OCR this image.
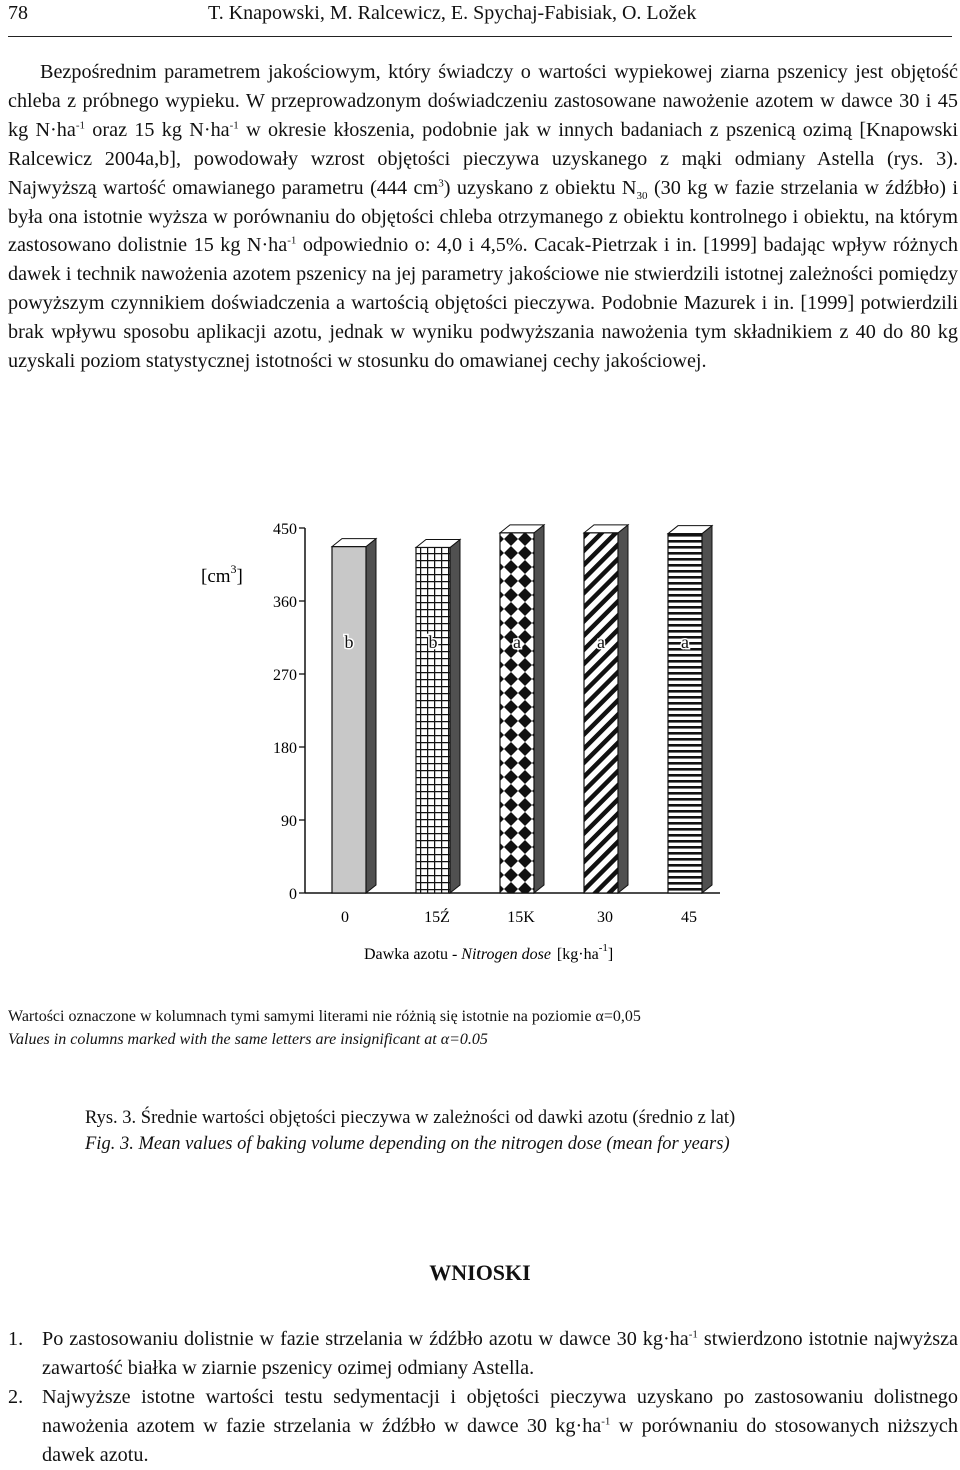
78	T. Knapowski, M. Ralcewicz, E. Spychaj-Fabisiak, O. Ložek

Bezpośrednim parametrem jakościowym, który świadczy o wartości wypiekowej ziarna pszenicy jest objętość chleba z próbnego wypieku. W przeprowadzonym doświadczeniu zastosowane nawożenie azotem w dawce 30 i 45 kg $N\cdot ha^{-1}$ oraz 15 kg $N\cdot ha^{-1}$ w okresie kłoszenia, podobnie jak w innych badaniach z pszenicą ozimą [Knapowski Ralcewicz 2004a,b], powodowały wzrost objętości pieczywa uzyskanego z mąki odmiany Astella (rys. 3). Najwyższą wartość omawianego parametru (444 $cm^3$) uzyskano z obiektu $N_{30}$ (30 kg w fazie strzelania w źdźbło) i była ona istotnie wyższa w porównaniu do objętości chleba otrzymanego z obiektu kontrolnego i obiektu, na którym zastosowano dolistnie 15 kg $N\cdot ha^{-1}$ odpowiednio o: 4,0 i 4,5%. Cacak-Pietrzak i in. [1999] badając wpływ różnych dawek i technik nawożenia azotem pszenicy na jej parametry jakościowe nie stwierdzili istotnej zależności pomiędzy powyższym czynnikiem doświadczenia a wartością objętości pieczywa. Podobnie Mazurek i in. [1999] potwierdzili brak wpływu sposobu aplikacji azotu, jednak w wyniku podwyższania nawożenia tym składnikiem z 40 do 80 kg uzyskali poziom statystycznej istotności w stosunku do omawianej cechy jakościowej.

0
90
180
270
360
450
b	b	a	a	a
0	15Ź	15K	30	45
$[cm^3]$
Dawka azotu - Nitrogen dose $[kg\cdot ha^{-1}]$
Wartości oznaczone w kolumnach tymi samymi literami nie różnią się istotnie na poziomie α=0,05
Values in columns marked with the same letters are insignificant at α=0.05
Rys. 3. Średnie wartości objętości pieczywa w zależności od dawki azotu (średnio z lat)
Fig. 3. Mean values of baking volume depending on the nitrogen dose (mean for years)
WNIOSKI
1. Po zastosowaniu dolistnie w fazie strzelania w źdźbło azotu w dawce 30 $kg\cdot ha^{-1}$ stwierdzono istotnie najwyższa zawartość białka w ziarnie pszenicy ozimej odmiany Astella.
2. Najwyższe istotne wartości testu sedymentacji i objętości pieczywa uzyskano po zastosowaniu dolistnego nawożenia azotem w fazie strzelania w źdźbło w dawce 30 $kg\cdot ha^{-1}$ w porównaniu do stosowanych niższych dawek azotu.
